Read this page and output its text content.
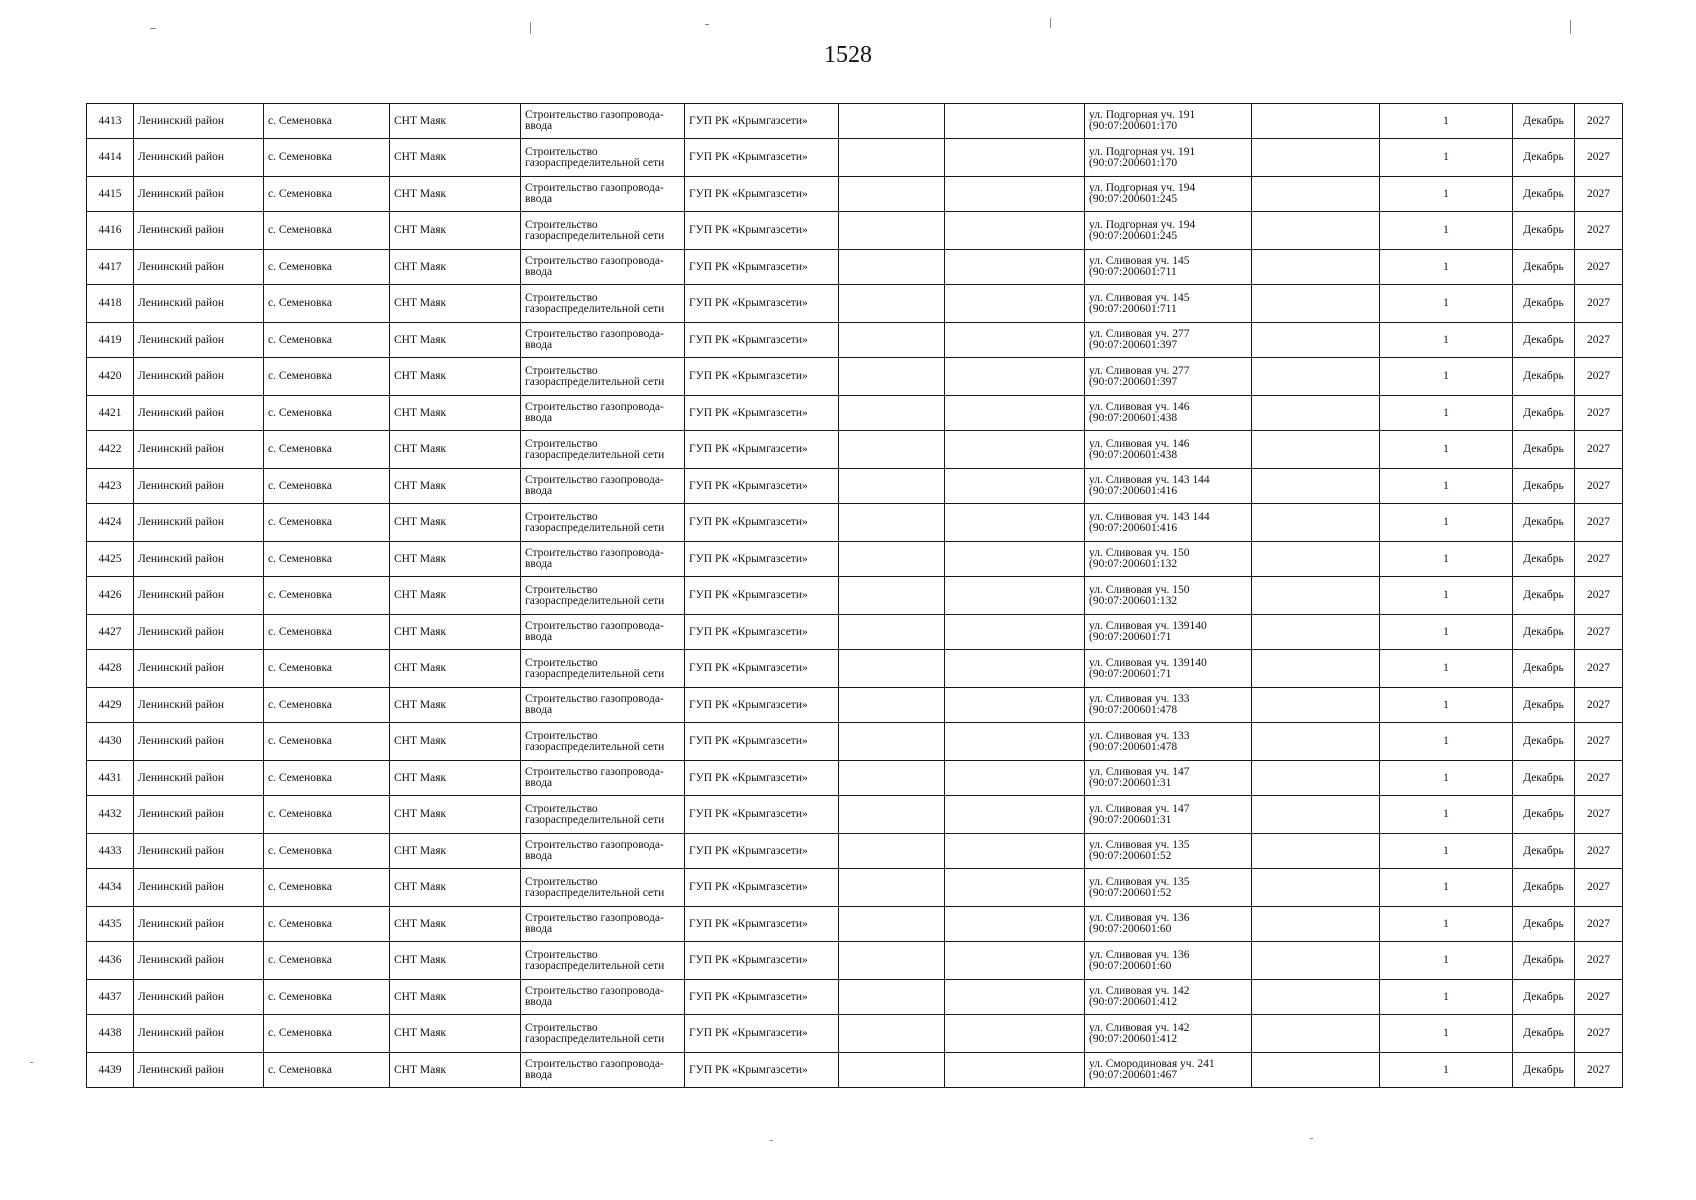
1528
4413	Ленинский район	с. Семеновка	СНТ Маяк	Строительство газопровода-ввода	ГУП РК «Крымгазсети»			ул. Подгорная уч. 191 (90:07:200601:170		1	Декабрь	2027
4414	Ленинский район	с. Семеновка	СНТ Маяк	Строительство газораспределительной сети	ГУП РК «Крымгазсети»			ул. Подгорная уч. 191 (90:07:200601:170		1	Декабрь	2027
4415	Ленинский район	с. Семеновка	СНТ Маяк	Строительство газопровода-ввода	ГУП РК «Крымгазсети»			ул. Подгорная уч. 194 (90:07:200601:245		1	Декабрь	2027
4416	Ленинский район	с. Семеновка	СНТ Маяк	Строительство газораспределительной сети	ГУП РК «Крымгазсети»			ул. Подгорная уч. 194 (90:07:200601:245		1	Декабрь	2027
4417	Ленинский район	с. Семеновка	СНТ Маяк	Строительство газопровода-ввода	ГУП РК «Крымгазсети»			ул. Сливовая уч. 145 (90:07:200601:711		1	Декабрь	2027
4418	Ленинский район	с. Семеновка	СНТ Маяк	Строительство газораспределительной сети	ГУП РК «Крымгазсети»			ул. Сливовая уч. 145 (90:07:200601:711		1	Декабрь	2027
4419	Ленинский район	с. Семеновка	СНТ Маяк	Строительство газопровода-ввода	ГУП РК «Крымгазсети»			ул. Сливовая уч. 277 (90:07:200601:397		1	Декабрь	2027
4420	Ленинский район	с. Семеновка	СНТ Маяк	Строительство газораспределительной сети	ГУП РК «Крымгазсети»			ул. Сливовая уч. 277 (90:07:200601:397		1	Декабрь	2027
4421	Ленинский район	с. Семеновка	СНТ Маяк	Строительство газопровода-ввода	ГУП РК «Крымгазсети»			ул. Сливовая уч. 146 (90:07:200601:438		1	Декабрь	2027
4422	Ленинский район	с. Семеновка	СНТ Маяк	Строительство газораспределительной сети	ГУП РК «Крымгазсети»			ул. Сливовая уч. 146 (90:07:200601:438		1	Декабрь	2027
4423	Ленинский район	с. Семеновка	СНТ Маяк	Строительство газопровода-ввода	ГУП РК «Крымгазсети»			ул. Сливовая уч. 143 144 (90:07:200601:416		1	Декабрь	2027
4424	Ленинский район	с. Семеновка	СНТ Маяк	Строительство газораспределительной сети	ГУП РК «Крымгазсети»			ул. Сливовая уч. 143 144 (90:07:200601:416		1	Декабрь	2027
4425	Ленинский район	с. Семеновка	СНТ Маяк	Строительство газопровода-ввода	ГУП РК «Крымгазсети»			ул. Сливовая уч. 150 (90:07:200601:132		1	Декабрь	2027
4426	Ленинский район	с. Семеновка	СНТ Маяк	Строительство газораспределительной сети	ГУП РК «Крымгазсети»			ул. Сливовая уч. 150 (90:07:200601:132		1	Декабрь	2027
4427	Ленинский район	с. Семеновка	СНТ Маяк	Строительство газопровода-ввода	ГУП РК «Крымгазсети»			ул. Сливовая уч. 139140 (90:07:200601:71		1	Декабрь	2027
4428	Ленинский район	с. Семеновка	СНТ Маяк	Строительство газораспределительной сети	ГУП РК «Крымгазсети»			ул. Сливовая уч. 139140 (90:07:200601:71		1	Декабрь	2027
4429	Ленинский район	с. Семеновка	СНТ Маяк	Строительство газопровода-ввода	ГУП РК «Крымгазсети»			ул. Сливовая уч. 133 (90:07:200601:478		1	Декабрь	2027
4430	Ленинский район	с. Семеновка	СНТ Маяк	Строительство газораспределительной сети	ГУП РК «Крымгазсети»			ул. Сливовая уч. 133 (90:07:200601:478		1	Декабрь	2027
4431	Ленинский район	с. Семеновка	СНТ Маяк	Строительство газопровода-ввода	ГУП РК «Крымгазсети»			ул. Сливовая уч. 147 (90:07:200601:31		1	Декабрь	2027
4432	Ленинский район	с. Семеновка	СНТ Маяк	Строительство газораспределительной сети	ГУП РК «Крымгазсети»			ул. Сливовая уч. 147 (90:07:200601:31		1	Декабрь	2027
4433	Ленинский район	с. Семеновка	СНТ Маяк	Строительство газопровода-ввода	ГУП РК «Крымгазсети»			ул. Сливовая уч. 135 (90:07:200601:52		1	Декабрь	2027
4434	Ленинский район	с. Семеновка	СНТ Маяк	Строительство газораспределительной сети	ГУП РК «Крымгазсети»			ул. Сливовая уч. 135 (90:07:200601:52		1	Декабрь	2027
4435	Ленинский район	с. Семеновка	СНТ Маяк	Строительство газопровода-ввода	ГУП РК «Крымгазсети»			ул. Сливовая уч. 136 (90:07:200601:60		1	Декабрь	2027
4436	Ленинский район	с. Семеновка	СНТ Маяк	Строительство газораспределительной сети	ГУП РК «Крымгазсети»			ул. Сливовая уч. 136 (90:07:200601:60		1	Декабрь	2027
4437	Ленинский район	с. Семеновка	СНТ Маяк	Строительство газопровода-ввода	ГУП РК «Крымгазсети»			ул. Сливовая уч. 142 (90:07:200601:412		1	Декабрь	2027
4438	Ленинский район	с. Семеновка	СНТ Маяк	Строительство газораспределительной сети	ГУП РК «Крымгазсети»			ул. Сливовая уч. 142 (90:07:200601:412		1	Декабрь	2027
4439	Ленинский район	с. Семеновка	СНТ Маяк	Строительство газопровода-ввода	ГУП РК «Крымгазсети»			ул. Смородиновая уч. 241 (90:07:200601:467		1	Декабрь	2027
